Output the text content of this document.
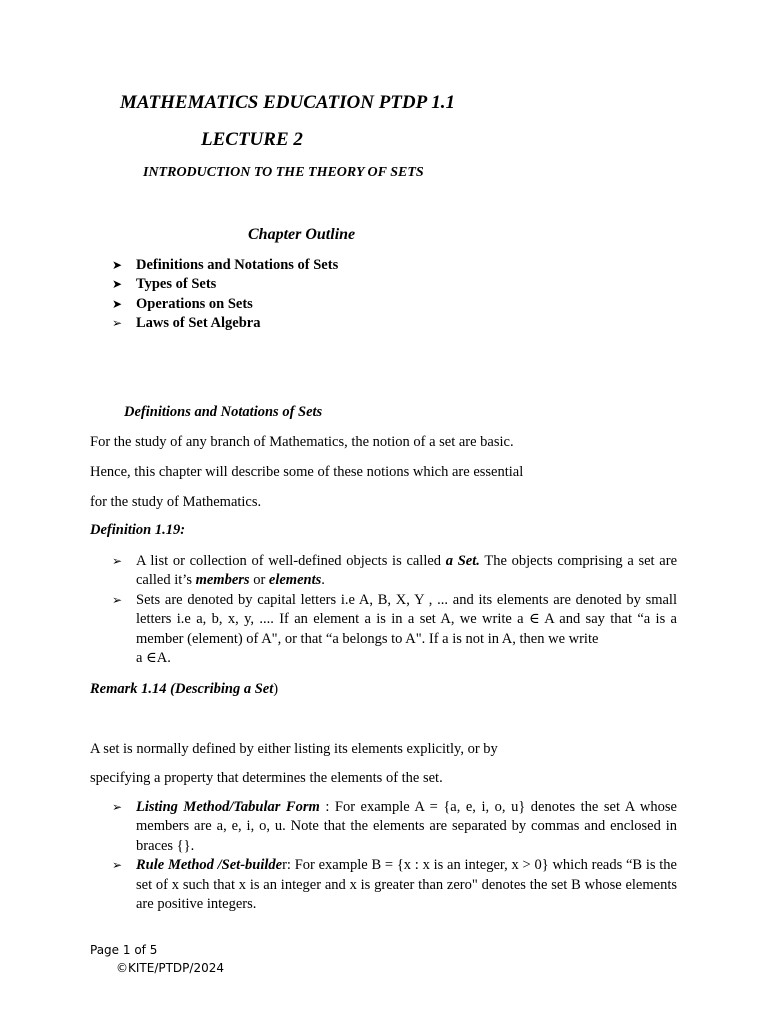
MATHEMATICS EDUCATION PTDP 1.1

LECTURE 2

INTRODUCTION TO THE THEORY OF SETS

Chapter Outline

➤ Definitions and Notations of Sets
➤ Types of Sets
➤ Operations on Sets
➢ Laws of Set Algebra

Definitions and Notations of Sets

For the study of any branch of Mathematics, the notion of a set are basic.

Hence, this chapter will describe some of these notions which are essential

for the study of Mathematics.

Definition 1.19:

➢ A list or collection of well-defined objects is called a Set. The objects comprising a set are called it’s members or elements.
➢ Sets are denoted by capital letters i.e A, B, X, Y , ... and its elements are denoted by small letters i.e a, b, x, y, .... If an element a is in a set A, we write a ∈ A and say that “a is a member (element) of A", or that “a belongs to A". If a is not in A, then we write
a ∈A.

Remark 1.14 (Describing a Set)

A set is normally defined by either listing its elements explicitly, or by

specifying a property that determines the elements of the set.

➢ Listing Method/Tabular Form : For example A = {a, e, i, o, u} denotes the set A whose members are a, e, i, o, u. Note that the elements are separated by commas and enclosed in braces {}.
➢ Rule Method /Set-builder: For example B = {x : x is an integer, x > 0} which reads “B is the set of x such that x is an integer and x is greater than zero" denotes the set B whose elements are positive integers.

Page 1 of 5

©KITE/PTDP/2024
